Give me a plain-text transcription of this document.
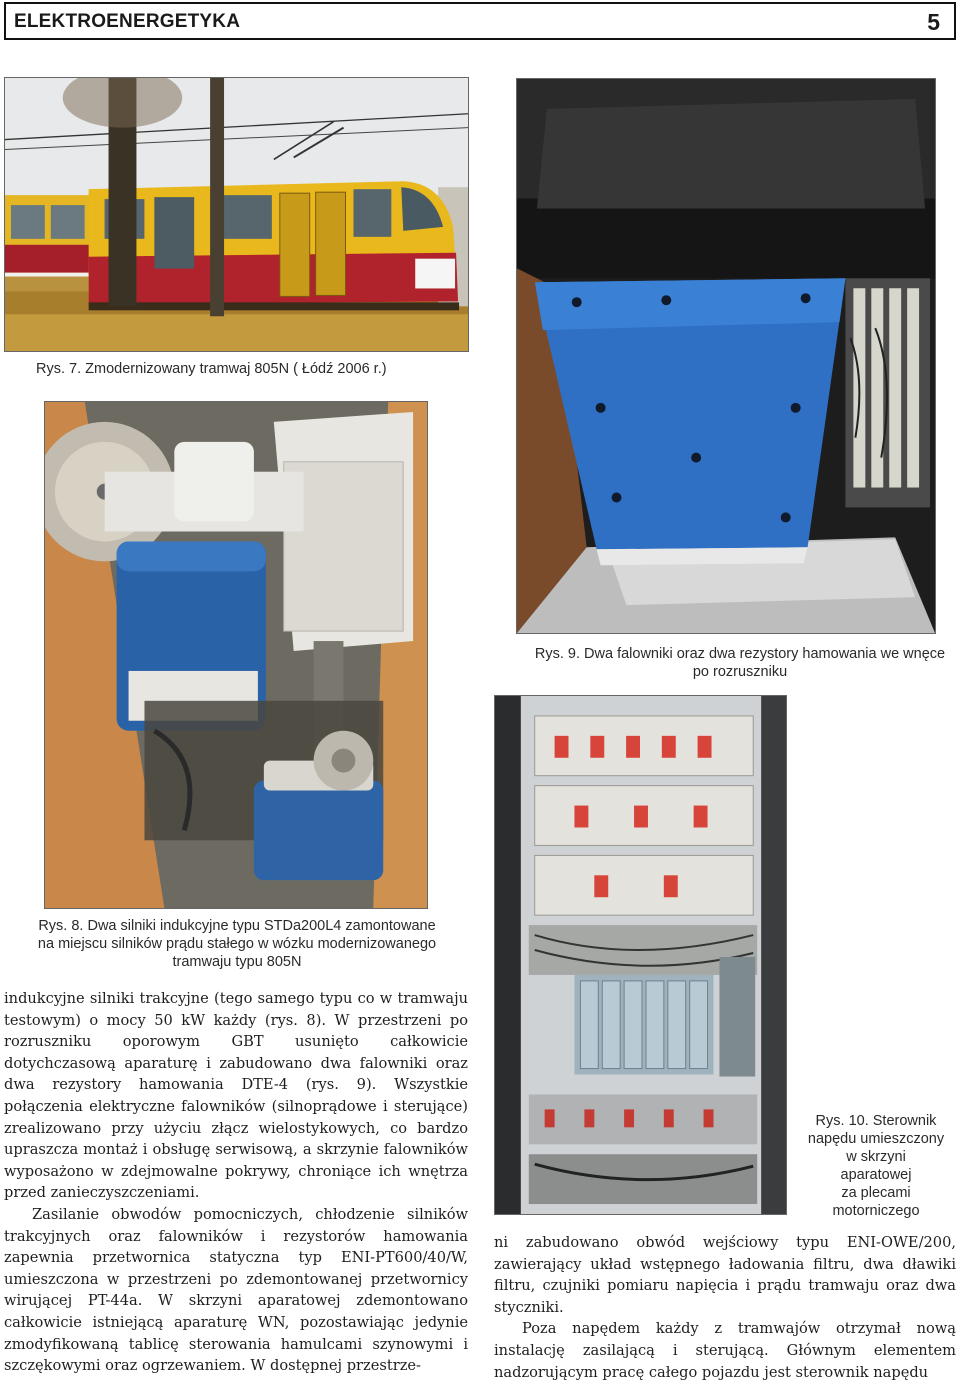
ELEKTROENERGETYKA	5
Rys. 7. Zmodernizowany tramwaj 805N ( Łódź 2006 r.)
Rys. 9. Dwa falowniki oraz dwa rezystory hamowania we wnęce
po rozruszniku
Rys. 8. Dwa silniki indukcyjne typu STDa200L4 zamontowane
na miejscu silników prądu stałego w wózku modernizowanego
tramwaju typu 805N
Rys. 10. Sterownik
napędu umieszczony
w skrzyni
aparatowej
za plecami
motorniczego

indukcyjne silniki trakcyjne (tego samego typu co w tramwaju testowym) o mocy 50 kW każdy (rys. 8). W przestrzeni po rozruszniku oporowym GBT usunięto całkowicie dotychczasową aparaturę i zabudowano dwa falowniki oraz dwa rezystory hamowania DTE-4 (rys. 9). Wszystkie połączenia elektryczne falowników (silnoprądowe i sterujące) zrealizowano przy użyciu złącz wielostykowych, co bardzo upraszcza montaż i obsługę serwisową, a skrzynie falowników wyposażono w zdejmowalne pokrywy, chroniące ich wnętrza przed zanieczyszczeniami.

Zasilanie obwodów pomocniczych, chłodzenie silników trakcyjnych oraz falowników i rezystorów hamowania zapewnia przetwornica statyczna typ ENI-PT600/40/W, umieszczona w przestrzeni po zdemontowanej przetwornicy wirującej PT-44a. W skrzyni aparatowej zdemontowano całkowicie istniejącą aparaturę WN, pozostawiając jedynie zmodyfikowaną tablicę sterowania hamulcami szynowymi i szczękowymi oraz ogrzewaniem. W dostępnej przestrze-

ni zabudowano obwód wejściowy typu ENI-OWE/200, zawierający układ wstępnego ładowania filtru, dwa dławiki filtru, czujniki pomiaru napięcia i prądu tramwaju oraz dwa styczniki.

Poza napędem każdy z tramwajów otrzymał nową instalację zasilającą i sterującą. Głównym elementem nadzorującym pracę całego pojazdu jest sterownik napędu
